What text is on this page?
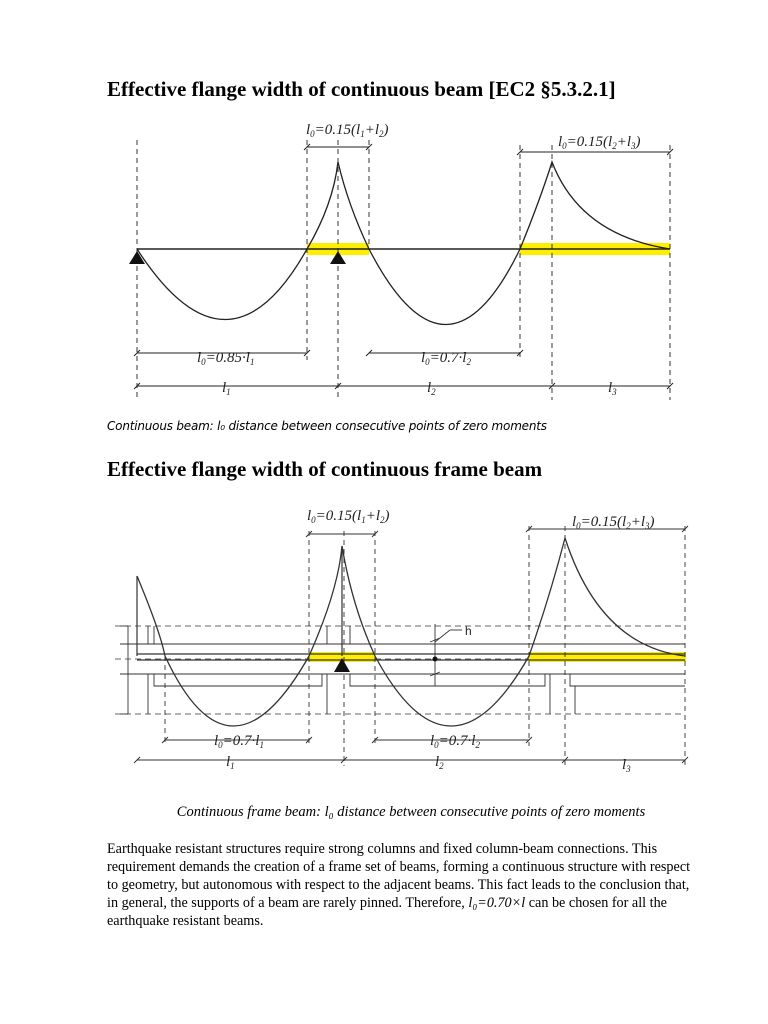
Effective flange width of continuous beam [EC2 §5.3.2.1]
$l_0=0.15(l_1+l_2)$
$l_0=0.15(l_2+l_3)$
$l_0=0.85\cdot l_1$	$l_0=0.7\cdot l_2$
$l_1$	$l_2$	$l_3$
Continuous beam: l₀ distance between consecutive points of zero moments
Effective flange width of continuous frame beam
$l_0=0.15(l_1+l_2)$	$l_0=0.15(l_2+l_3)$
$l_0=0.7\cdot l_1$	$l_0=0.7\cdot l_2$
$l_1$	$l_2$	$l_3$
h
Continuous frame beam: l₀ distance between consecutive points of zero moments

Earthquake resistant structures require strong columns and fixed column-beam connections. This requirement demands the creation of a frame set of beams, forming a continuous structure with respect to geometry, but autonomous with respect to the adjacent beams. This fact leads to the conclusion that, in general, the supports of a beam are rarely pinned. Therefore, l₀=0.70×l can be chosen for all the earthquake resistant beams.
